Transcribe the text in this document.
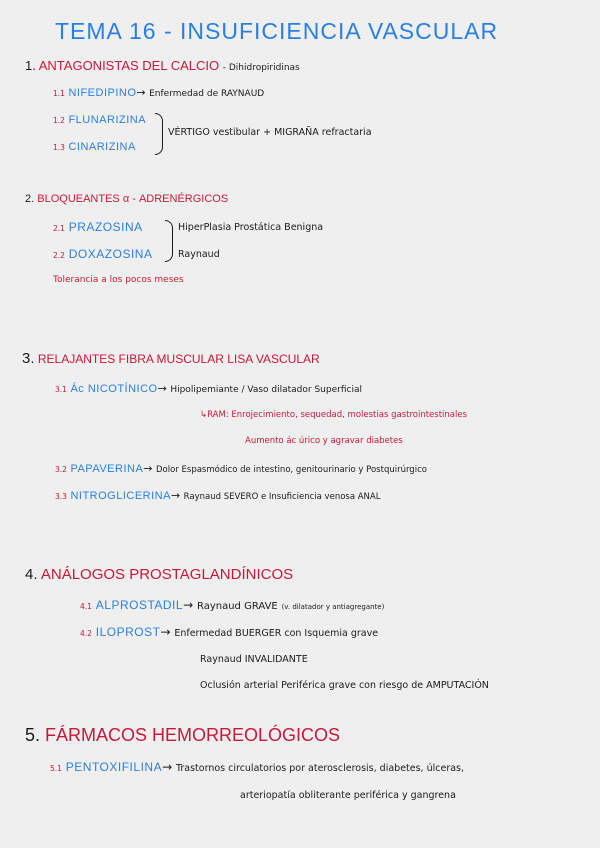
TEMA 16 - INSUFICIENCIA VASCULAR
1. ANTAGONISTAS DEL CALCIO - Dihidropiridinas
1.1 NIFEDIPINO→ Enfermedad de RAYNAUD
1.2 FLUNARIZINA
1.3 CINARIZINA
VÉRTIGO vestibular + MIGRAÑA refractaria
2. BLOQUEANTES α - ADRENÉRGICOS
2.1 PRAZOSINA
2.2 DOXAZOSINA
HiperPlasia Prostática Benigna
Raynaud
Tolerancia a los pocos meses
3. RELAJANTES FIBRA MUSCULAR LISA VASCULAR
3.1 Ác NICOTÍNICO→ Hipolipemiante / Vaso dilatador Superficial
↳RAM: Enrojecimiento, sequedad, molestias gastrointestinales
Aumento ác úrico y agravar diabetes
3.2 PAPAVERINA→ Dolor Espasmódico de intestino, genitourinario y Postquirúrgico
3.3 NITROGLICERINA→ Raynaud SEVERO e Insuficiencia venosa ANAL
4. ANÁLOGOS PROSTAGLANDÍNICOS
4.1 ALPROSTADIL→ Raynaud GRAVE (v. dilatador y antiagregante)
4.2 ILOPROST→ Enfermedad BUERGER con Isquemia grave
Raynaud INVALIDANTE
Oclusión arterial Periférica grave con riesgo de AMPUTACIÓN
5. FÁRMACOS HEMORREOLÓGICOS
5.1 PENTOXIFILINA→ Trastornos circulatorios por aterosclerosis, diabetes, úlceras,
arteriopatía obliterante periférica y gangrena
